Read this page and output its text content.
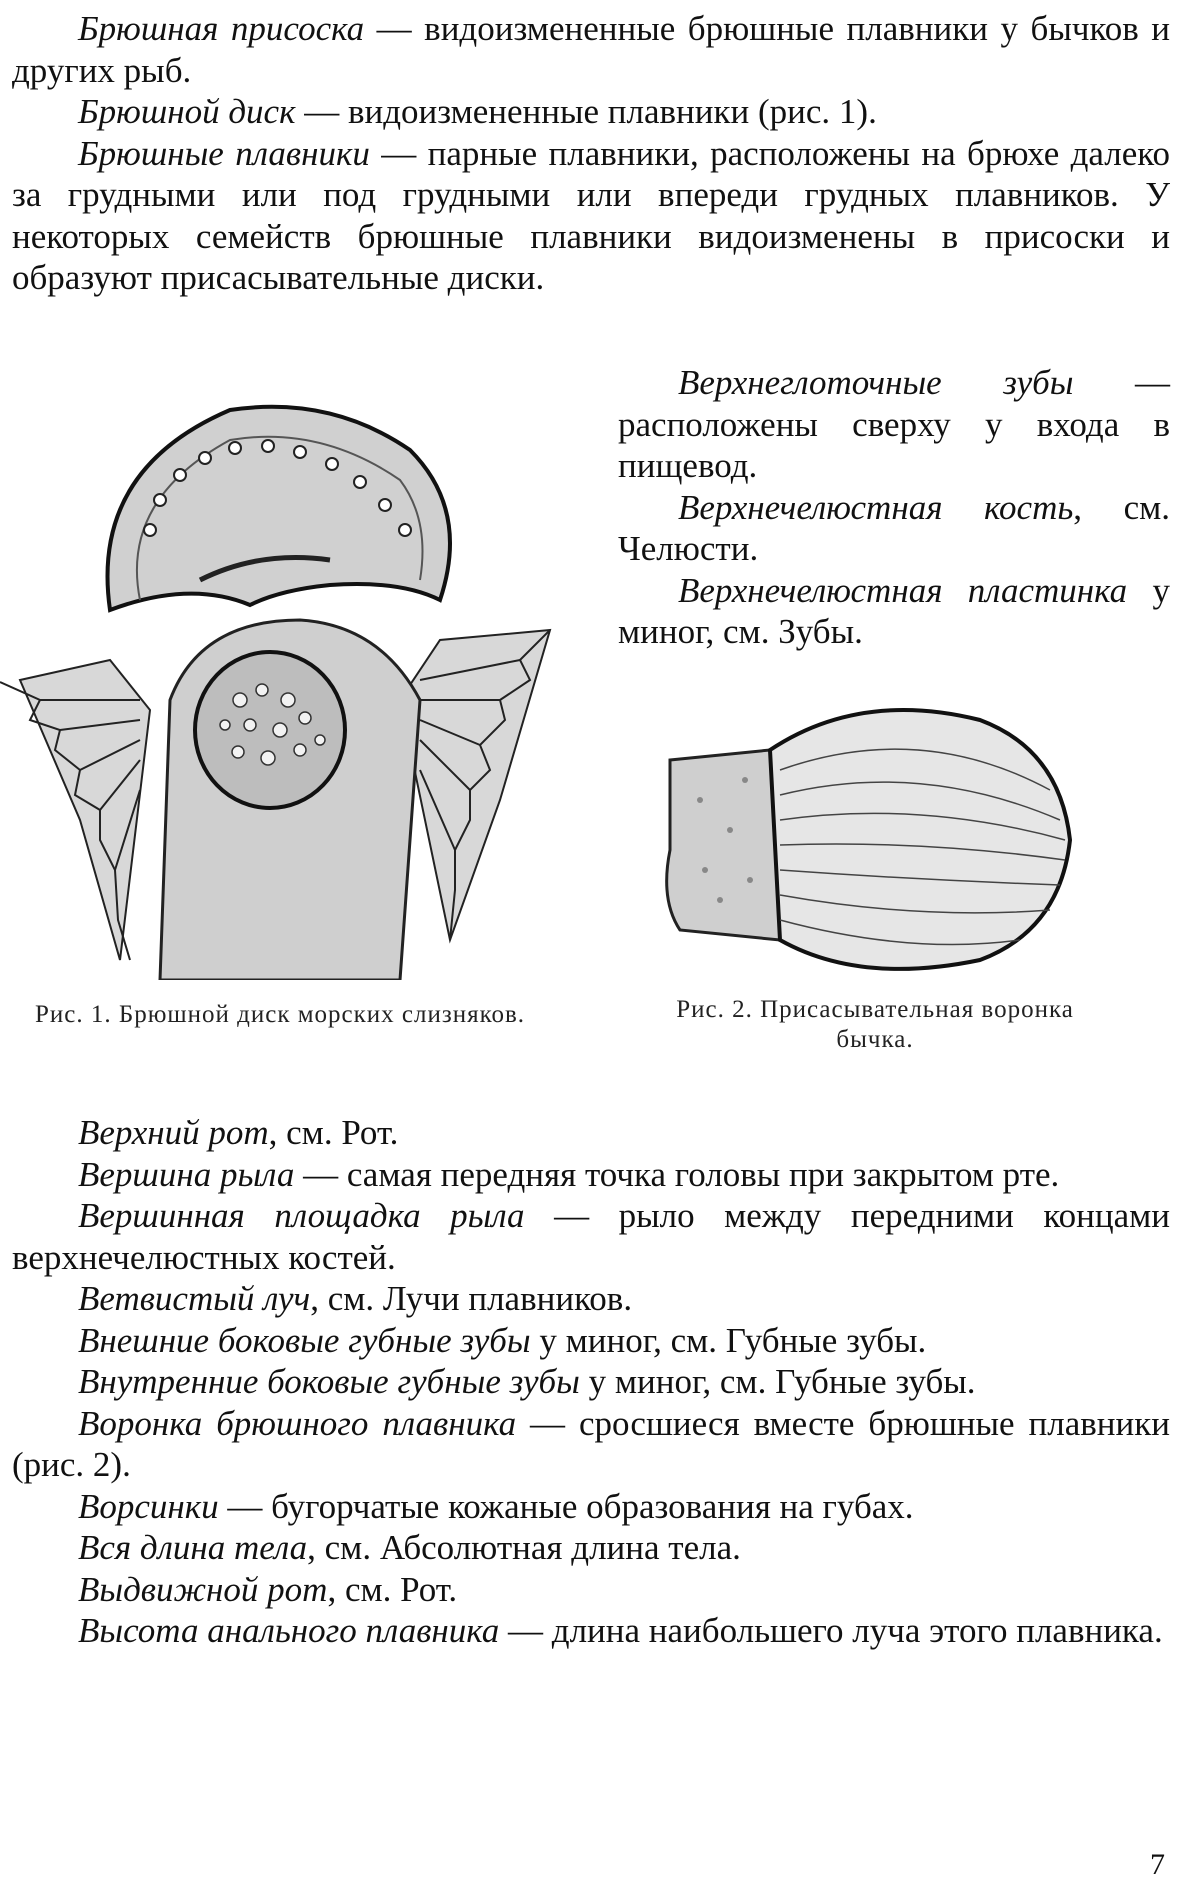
Брюшная присоска — видоизмененные брюшные плавники у бычков и других рыб.

Брюшной диск — видоизмененные плавники (рис. 1).

Брюшные плавники — парные плавники, расположены на брюхе далеко за грудными или под грудными или впереди грудных плавников. У некоторых семейств брюшные плавники видоизменены в присоски и образуют присасывательные диски.

Верхнеглоточные зубы — расположены сверху у входа в пищевод.

Верхнечелюстная кость, см. Челюсти.

Верхнечелюстная пластинка у миног, см. Зубы.

Рис. 1. Брюшной диск морских слизняков.	Рис. 2. Присасывательная воронка бычка.

Верхний рот, см. Рот.

Вершина рыла — самая передняя точка головы при закрытом рте.

Вершинная площадка рыла — рыло между передними концами верхнечелюстных костей.

Ветвистый луч, см. Лучи плавников.

Внешние боковые губные зубы у миног, см. Губные зубы.

Внутренние боковые губные зубы у миног, см. Губные зубы.

Воронка брюшного плавника — сросшиеся вместе брюшные плавники (рис. 2).

Ворсинки — бугорчатые кожаные образования на губах.

Вся длина тела, см. Абсолютная длина тела.

Выдвижной рот, см. Рот.

Высота анального плавника — длина наибольшего луча этого плавника.

7
